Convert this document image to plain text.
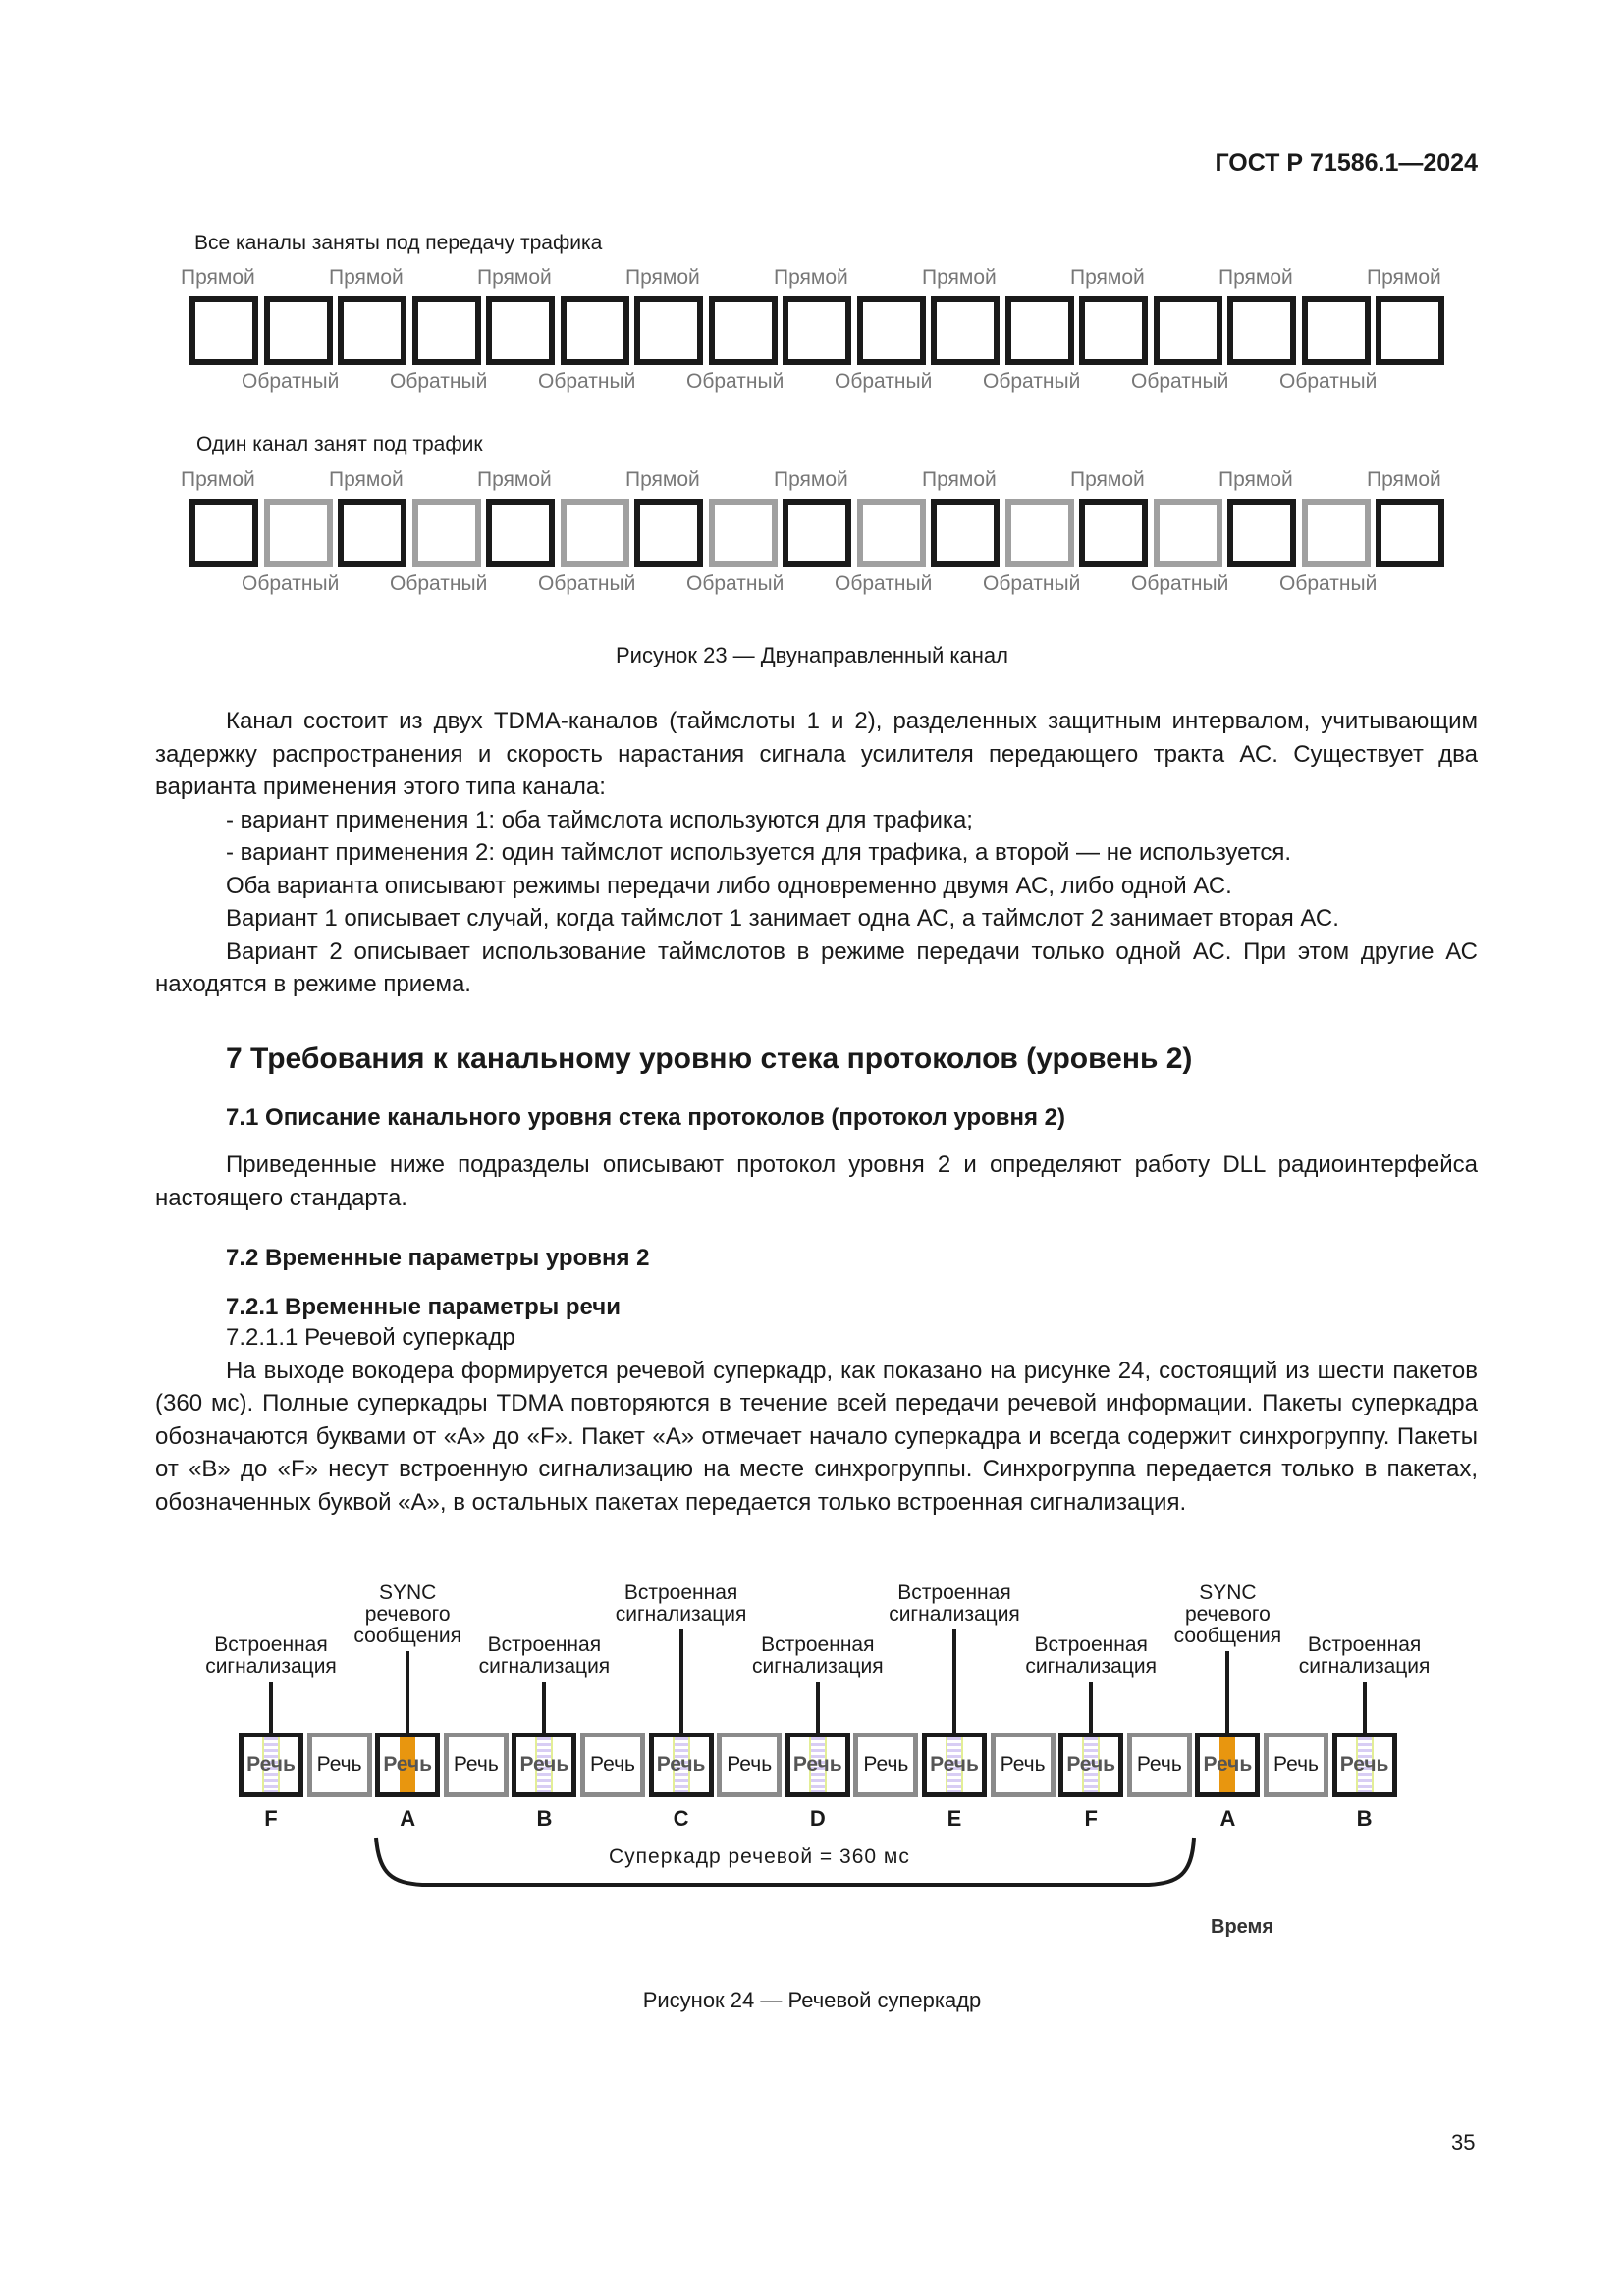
ГОСТ Р 71586.1—2024
Все каналы заняты под передачу трафика
Прямой	Прямой	Прямой	Прямой	Прямой	Прямой	Прямой	Прямой	Прямой
Обратный Обратный Обратный Обратный Обратный Обратный Обратный Обратный
Один канал занят под трафик
Прямой	Прямой	Прямой	Прямой	Прямой	Прямой	Прямой	Прямой	Прямой
Обратный Обратный Обратный Обратный Обратный Обратный Обратный Обратный
Рисунок 23 — Двунаправленный канал

Канал состоит из двух TDMA-каналов (таймслоты 1 и 2), разделенных защитным интервалом, учитывающим задержку распространения и скорость нарастания сигнала усилителя передающего тракта АС. Существует два варианта применения этого типа канала:

- вариант применения 1: оба таймслота используются для трафика;

- вариант применения 2: один таймслот используется для трафика, а второй — не используется.

Оба варианта описывают режимы передачи либо одновременно двумя АС, либо одной АС.

Вариант 1 описывает случай, когда таймслот 1 занимает одна АС, а таймслот 2 занимает вторая АС.

Вариант 2 описывает использование таймслотов в режиме передачи только одной АС. При этом другие АС находятся в режиме приема.

7 Требования к канальному уровню стека протоколов (уровень 2)
7.1 Описание канального уровня стека протоколов (протокол уровня 2)

Приведенные ниже подразделы описывают протокол уровня 2 и определяют работу DLL радиоинтерфейса настоящего стандарта.

7.2 Временные параметры уровня 2
7.2.1 Временные параметры речи

7.2.1.1 Речевой суперкадр

На выходе вокодера формируется речевой суперкадр, как показано на рисунке 24, состоящий из шести пакетов (360 мс). Полные суперкадры TDMA повторяются в течение всей передачи речевой информации. Пакеты суперкадра обозначаются буквами от «A» до «F». Пакет «A» отмечает начало суперкадра и всегда содержит синхрогруппу. Пакеты от «B» до «F» несут встроенную сигнализацию на месте синхрогруппы. Синхрогруппа передается только в пакетах, обозначенных буквой «A», в остальных пакетах передается только встроенная сигнализация.

Встроенная
сигнализация
SYNC
речевого
сообщения	Встроенная
сигнализация
Встроенная
сигнализация
Встроенная
сигнализация
Встроенная
сигнализация
Встроенная
сигнализация
SYNC
речевого
сообщения	Встроенная
сигнализация
Речь
F
Речь Речь
A
Речь Речь
B
Речь Речь
C
Речь Речь
D
Речь Речь
E
Речь Речь
F
Речь Речь
A
Речь Речь
B
Суперкадр речевой = 360 мс
Время
Рисунок 24 — Речевой суперкадр
35
